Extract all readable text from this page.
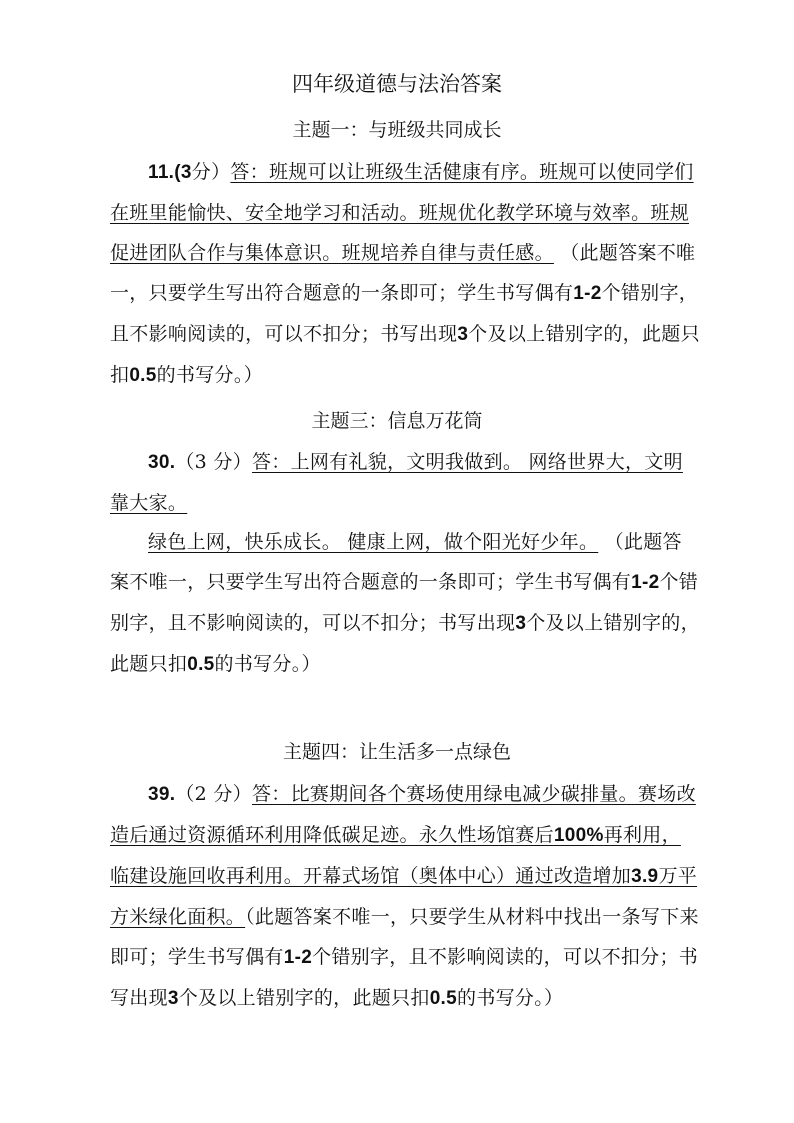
四年级道德与法治答案
主题一：与班级共同成长

11.(3分）答：班规可以让班级生活健康有序。班规可以使同学们在班里能愉快、安全地学习和活动。班规优化教学环境与效率。班规促进团队合作与集体意识。班规培养自律与责任感。 （此题答案不唯一，只要学生写出符合题意的一条即可；学生书写偶有1-2个错别字，且不影响阅读的，可以不扣分；书写出现3个及以上错别字的，此题只扣0.5的书写分。）

主题三：信息万花筒

30.（3 分）答：上网有礼貌，文明我做到。 网络世界大，文明靠大家。

绿色上网，快乐成长。 健康上网，做个阳光好少年。 （此题答案不唯一，只要学生写出符合题意的一条即可；学生书写偶有1-2个错别字，且不影响阅读的，可以不扣分；书写出现3个及以上错别字的，此题只扣0.5的书写分。）

主题四：让生活多一点绿色

39.（2 分）答：比赛期间各个赛场使用绿电减少碳排量。赛场改造后通过资源循环利用降低碳足迹。永久性场馆赛后100%再利用，临建设施回收再利用。开幕式场馆（奥体中心）通过改造增加3.9万平方米绿化面积。（此题答案不唯一，只要学生从材料中找出一条写下来即可；学生书写偶有1-2个错别字，且不影响阅读的，可以不扣分；书写出现3个及以上错别字的，此题只扣0.5的书写分。）
